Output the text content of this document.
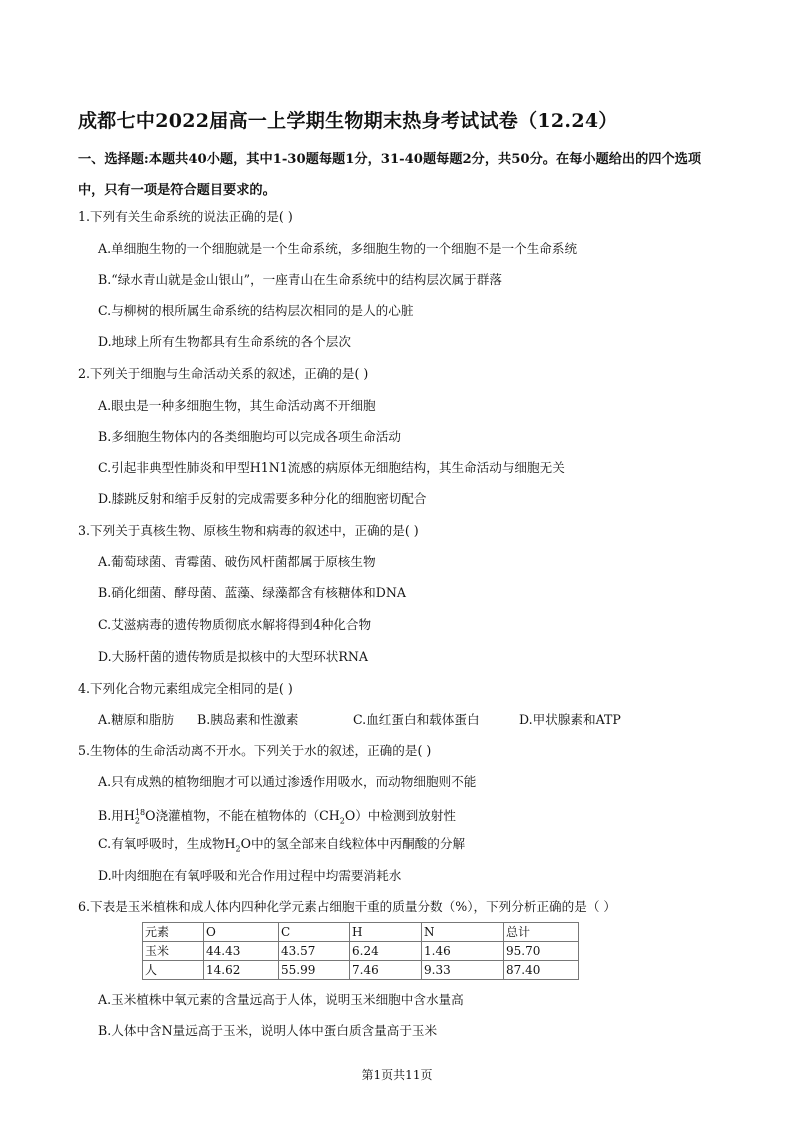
成都七中2022届高一上学期生物期末热身考试试卷（12.24）
一、选择题:本题共40小题，其中1-30题每题1分，31-40题每题2分，共50分。在每小题给出的四个选项中，只有一项是符合题目要求的。
1.下列有关生命系统的说法正确的是( )
A.单细胞生物的一个细胞就是一个生命系统，多细胞生物的一个细胞不是一个生命系统
B.“绿水青山就是金山银山”，一座青山在生命系统中的结构层次属于群落
C.与柳树的根所属生命系统的结构层次相同的是人的心脏
D.地球上所有生物都具有生命系统的各个层次
2.下列关于细胞与生命活动关系的叙述，正确的是( )
A.眼虫是一种多细胞生物，其生命活动离不开细胞
B.多细胞生物体内的各类细胞均可以完成各项生命活动
C.引起非典型性肺炎和甲型H1N1流感的病原体无细胞结构，其生命活动与细胞无关
D.膝跳反射和缩手反射的完成需要多种分化的细胞密切配合
3.下列关于真核生物、原核生物和病毒的叙述中，正确的是( )
A.葡萄球菌、青霉菌、破伤风杆菌都属于原核生物
B.硝化细菌、酵母菌、蓝藻、绿藻都含有核糖体和DNA
C.艾滋病毒的遗传物质彻底水解将得到4种化合物
D.大肠杆菌的遗传物质是拟核中的大型环状RNA
4.下列化合物元素组成完全相同的是( )
A.糖原和脂肪 B.胰岛素和性激素	C.血红蛋白和载体蛋白	D.甲状腺素和ATP
5.生物体的生命活动离不开水。下列关于水的叙述，正确的是( )
A.只有成熟的植物细胞才可以通过渗透作用吸水，而动物细胞则不能
B.用$H_2^{18}O$浇灌植物，不能在植物体的$(CH_2O)$中检测到放射性
C.有氧呼吸时，生成物$H_2O$中的氢全部来自线粒体中丙酮酸的分解
D.叶肉细胞在有氧呼吸和光合作用过程中均需要消耗水
6.下表是玉米植株和成人体内四种化学元素占细胞干重的质量分数（%），下列分析正确的是（ ）
元素	O	C	H	N	总计
玉米	44.43	43.57	6.24	1.46	95.70
人	14.62	55.99	7.46	9.33	87.40
A.玉米植株中氧元素的含量远高于人体，说明玉米细胞中含水量高
B.人体中含N量远高于玉米，说明人体中蛋白质含量高于玉米
第1页共11页
